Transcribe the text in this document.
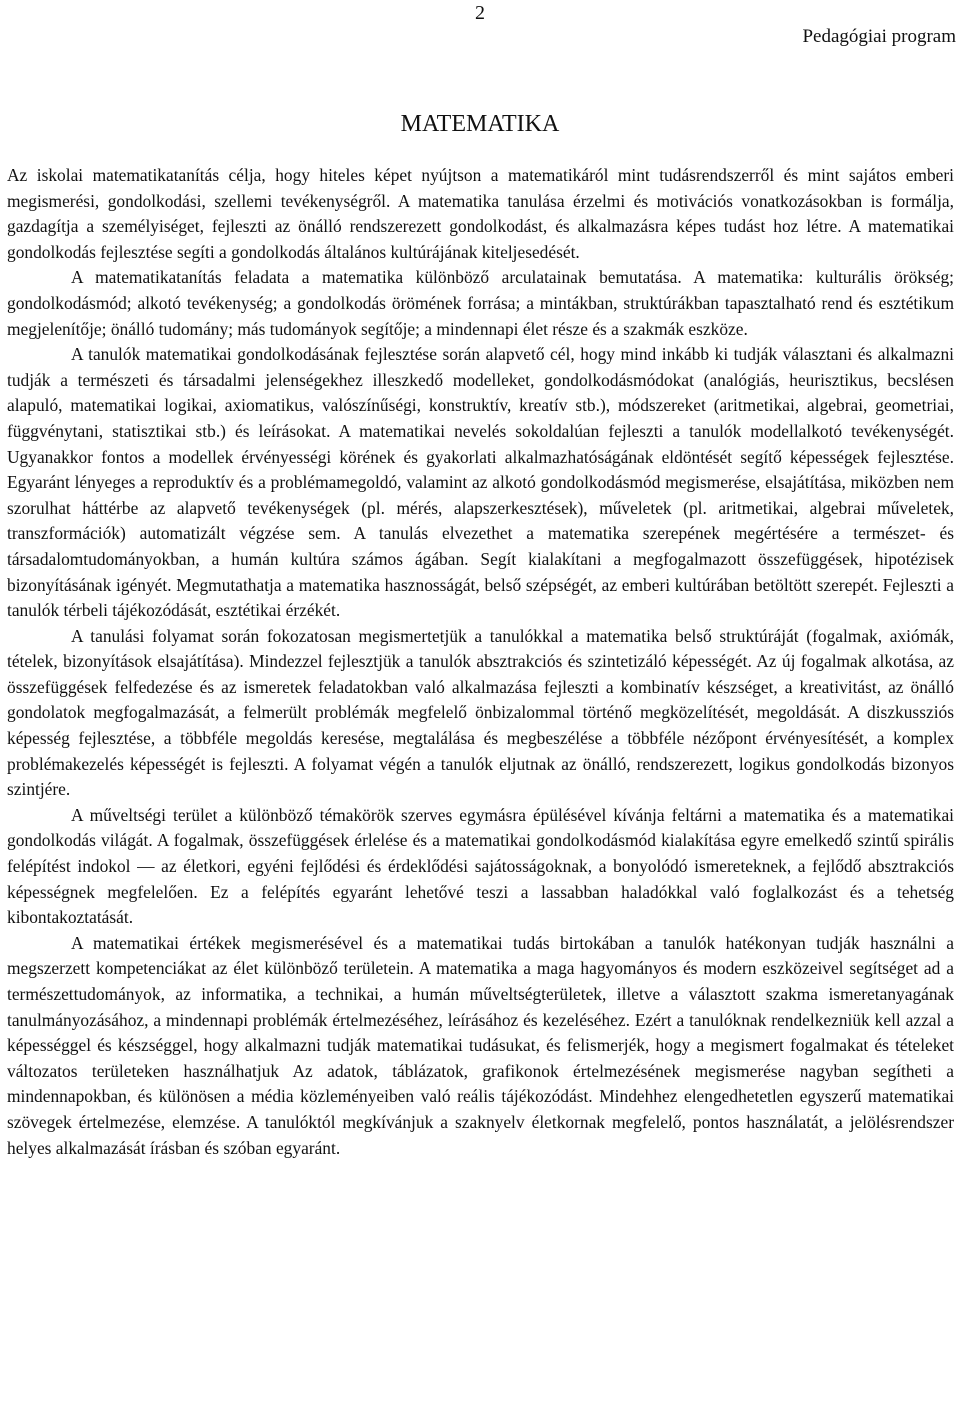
2
Pedagógiai program
MATEMATIKA

Az iskolai matematikatanítás célja, hogy hiteles képet nyújtson a matematikáról mint tudásrendszerről és mint sajátos emberi megismerési, gondolkodási, szellemi tevékenységről. A matematika tanulása érzelmi és motivációs vonatkozásokban is formálja, gazdagítja a személyiséget, fejleszti az önálló rendszerezett gondolkodást, és alkalmazásra képes tudást hoz létre. A matematikai gondolkodás fejlesztése segíti a gondolkodás általános kultúrájának kiteljesedését.

A matematikatanítás feladata a matematika különböző arculatainak bemutatása. A matematika: kulturális örökség; gondolkodásmód; alkotó tevékenység; a gondolkodás örömének forrása; a mintákban, struktúrákban tapasztalható rend és esztétikum megjelenítője; önálló tudomány; más tudományok segítője; a mindennapi élet része és a szakmák eszköze.

A tanulók matematikai gondolkodásának fejlesztése során alapvető cél, hogy mind inkább ki tudják választani és alkalmazni tudják a természeti és társadalmi jelenségekhez illeszkedő modelleket, gondolkodásmódokat (analógiás, heurisztikus, becslésen alapuló, matematikai logikai, axiomatikus, valószínűségi, konstruktív, kreatív stb.), módszereket (aritmetikai, algebrai, geometriai, függvénytani, statisztikai stb.) és leírásokat. A matematikai nevelés sokoldalúan fejleszti a tanulók modellalkotó tevékenységét. Ugyanakkor fontos a modellek érvényességi körének és gyakorlati alkalmazhatóságának eldöntését segítő képességek fejlesztése. Egyaránt lényeges a reproduktív és a problémamegoldó, valamint az alkotó gondolkodásmód megismerése, elsajátítása, miközben nem szorulhat háttérbe az alapvető tevékenységek (pl. mérés, alapszerkesztések), műveletek (pl. aritmetikai, algebrai műveletek, transzformációk) automatizált végzése sem. A tanulás elvezethet a matematika szerepének megértésére a természet- és társadalomtudományokban, a humán kultúra számos ágában. Segít kialakítani a megfogalmazott összefüggések, hipotézisek bizonyításának igényét. Megmutathatja a matematika hasznosságát, belső szépségét, az emberi kultúrában betöltött szerepét. Fejleszti a tanulók térbeli tájékozódását, esztétikai érzékét.

A tanulási folyamat során fokozatosan megismertetjük a tanulókkal a matematika belső struktúráját (fogalmak, axiómák, tételek, bizonyítások elsajátítása). Mindezzel fejlesztjük a tanulók absztrakciós és szintetizáló képességét. Az új fogalmak alkotása, az összefüggések felfedezése és az ismeretek feladatokban való alkalmazása fejleszti a kombinatív készséget, a kreativitást, az önálló gondolatok megfogalmazását, a felmerült problémák megfelelő önbizalommal történő megközelítését, megoldását. A diszkussziós képesség fejlesztése, a többféle megoldás keresése, megtalálása és megbeszélése a többféle nézőpont érvényesítését, a komplex problémakezelés képességét is fejleszti. A folyamat végén a tanulók eljutnak az önálló, rendszerezett, logikus gondolkodás bizonyos szintjére.

A műveltségi terület a különböző témakörök szerves egymásra épülésével kívánja feltárni a matematika és a matematikai gondolkodás világát. A fogalmak, összefüggések érlelése és a matematikai gondolkodásmód kialakítása egyre emelkedő szintű spirális felépítést indokol — az életkori, egyéni fejlődési és érdeklődési sajátosságoknak, a bonyolódó ismereteknek, a fejlődő absztrakciós képességnek megfelelően. Ez a felépítés egyaránt lehetővé teszi a lassabban haladókkal való foglalkozást és a tehetség kibontakoztatását.

A matematikai értékek megismerésével és a matematikai tudás birtokában a tanulók hatékonyan tudják használni a megszerzett kompetenciákat az élet különböző területein. A matematika a maga hagyományos és modern eszközeivel segítséget ad a természettudományok, az informatika, a technikai, a humán műveltségterületek, illetve a választott szakma ismeretanyagának tanulmányozásához, a mindennapi problémák értelmezéséhez, leírásához és kezeléséhez. Ezért a tanulóknak rendelkezniük kell azzal a képességgel és készséggel, hogy alkalmazni tudják matematikai tudásukat, és felismerjék, hogy a megismert fogalmakat és tételeket változatos területeken használhatjuk Az adatok, táblázatok, grafikonok értelmezésének megismerése nagyban segítheti a mindennapokban, és különösen a média közleményeiben való reális tájékozódást. Mindehhez elengedhetetlen egyszerű matematikai szövegek értelmezése, elemzése. A tanulóktól megkívánjuk a szaknyelv életkornak megfelelő, pontos használatát, a jelölésrendszer helyes alkalmazását írásban és szóban egyaránt.
